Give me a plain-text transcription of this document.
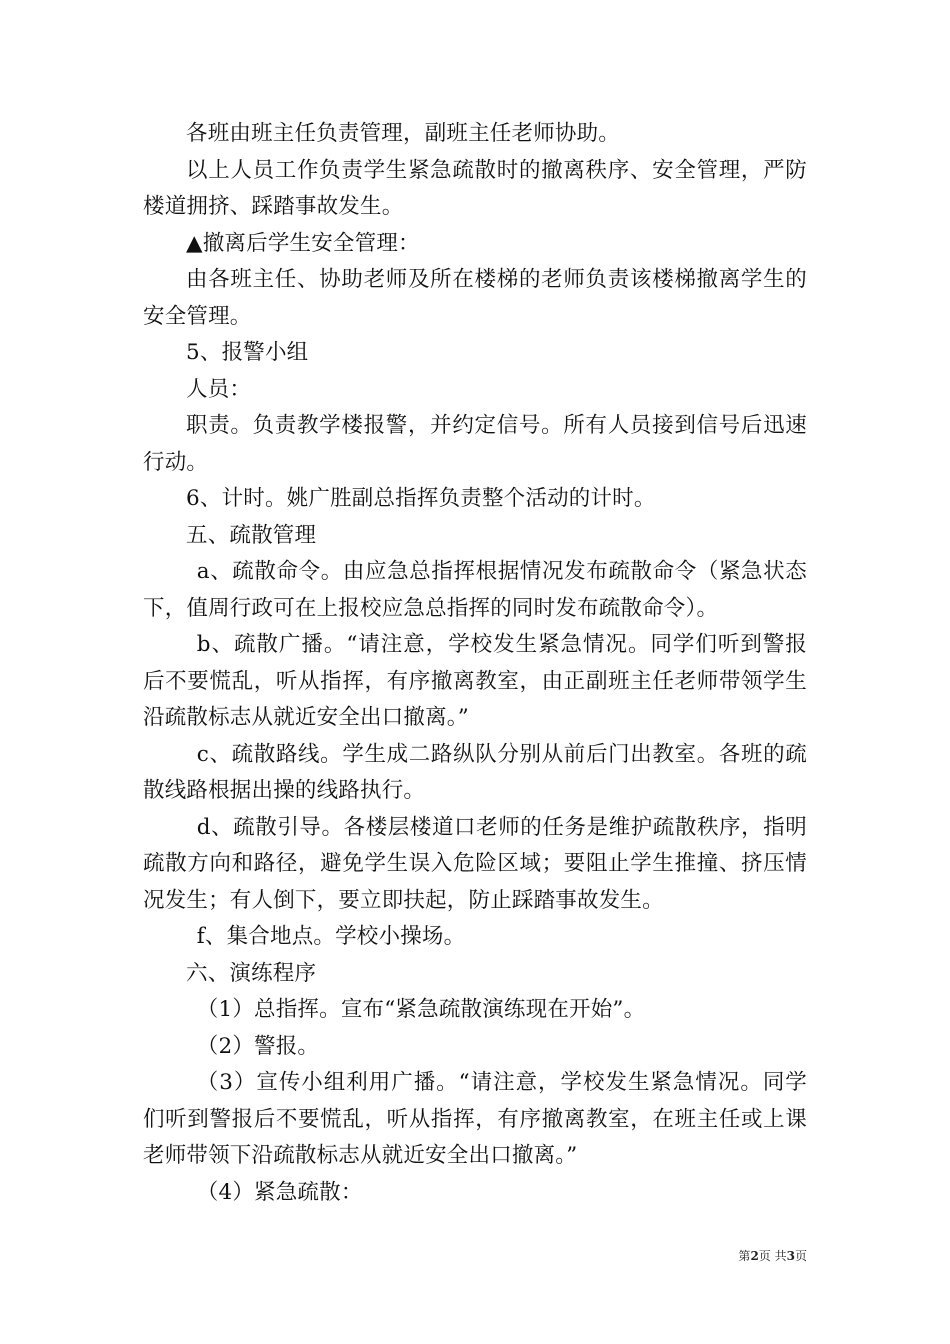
各班由班主任负责管理，副班主任老师协助。

以上人员工作负责学生紧急疏散时的撤离秩序、安全管理，严防楼道拥挤、踩踏事故发生。

▲撤离后学生安全管理：

由各班主任、协助老师及所在楼梯的老师负责该楼梯撤离学生的安全管理。

5、报警小组

人员：

职责。负责教学楼报警，并约定信号。所有人员接到信号后迅速行动。

6、计时。姚广胜副总指挥负责整个活动的计时。

五、疏散管理

a、疏散命令。由应急总指挥根据情况发布疏散命令（紧急状态下，值周行政可在上报校应急总指挥的同时发布疏散命令）。

b、疏散广播。“请注意，学校发生紧急情况。同学们听到警报后不要慌乱，听从指挥，有序撤离教室，由正副班主任老师带领学生沿疏散标志从就近安全出口撤离。”

c、疏散路线。学生成二路纵队分别从前后门出教室。各班的疏散线路根据出操的线路执行。

d、疏散引导。各楼层楼道口老师的任务是维护疏散秩序，指明疏散方向和路径，避免学生误入危险区域；要阻止学生推撞、挤压情况发生；有人倒下，要立即扶起，防止踩踏事故发生。

f、集合地点。学校小操场。

六、演练程序

（1）总指挥。宣布“紧急疏散演练现在开始”。

（2）警报。

（3）宣传小组利用广播。“请注意，学校发生紧急情况。同学们听到警报后不要慌乱，听从指挥，有序撤离教室，在班主任或上课老师带领下沿疏散标志从就近安全出口撤离。”

（4）紧急疏散：

第2页 共3页
